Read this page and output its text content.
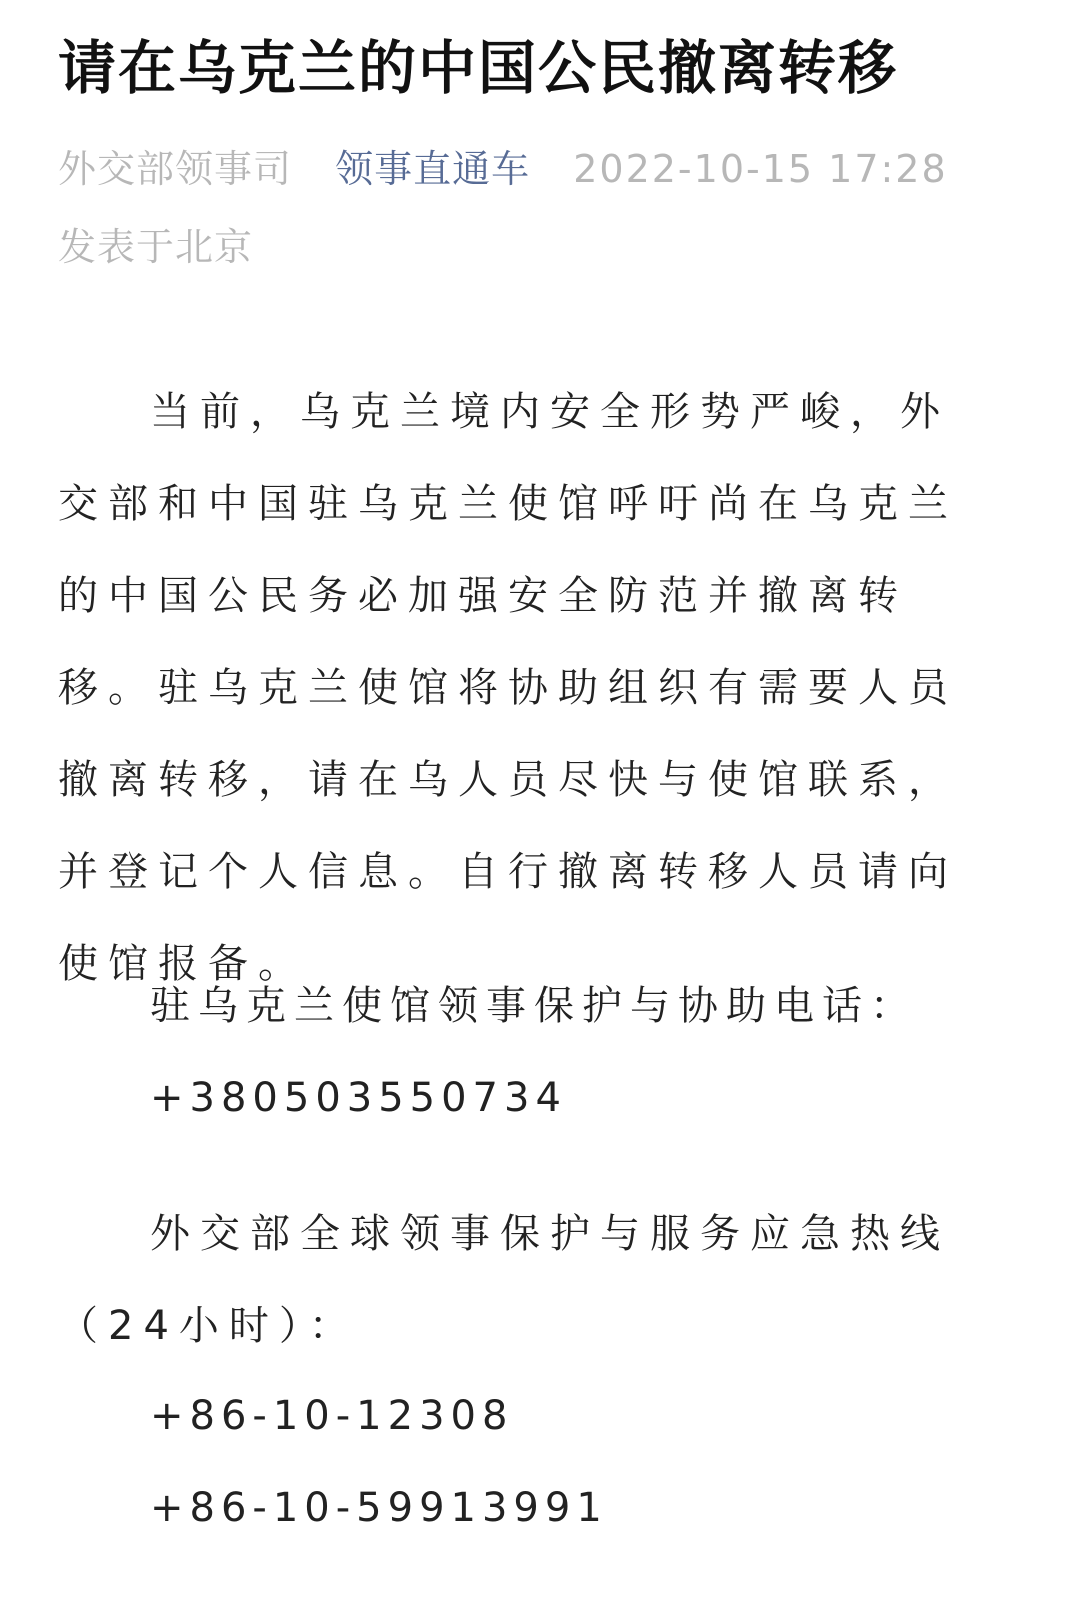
请在乌克兰的中国公民撤离转移
外交部领事司 领事直通车 2022-10-15 17:28
发表于北京

当前，乌克兰境内安全形势严峻，外交部和中国驻乌克兰使馆呼吁尚在乌克兰的中国公民务必加强安全防范并撤离转移。驻乌克兰使馆将协助组织有需要人员撤离转移，请在乌人员尽快与使馆联系，并登记个人信息。自行撤离转移人员请向使馆报备。

驻乌克兰使馆领事保护与协助电话：
+380503550734
外交部全球领事保护与服务应急热线（24小时）：
+86-10-12308
+86-10-59913991
